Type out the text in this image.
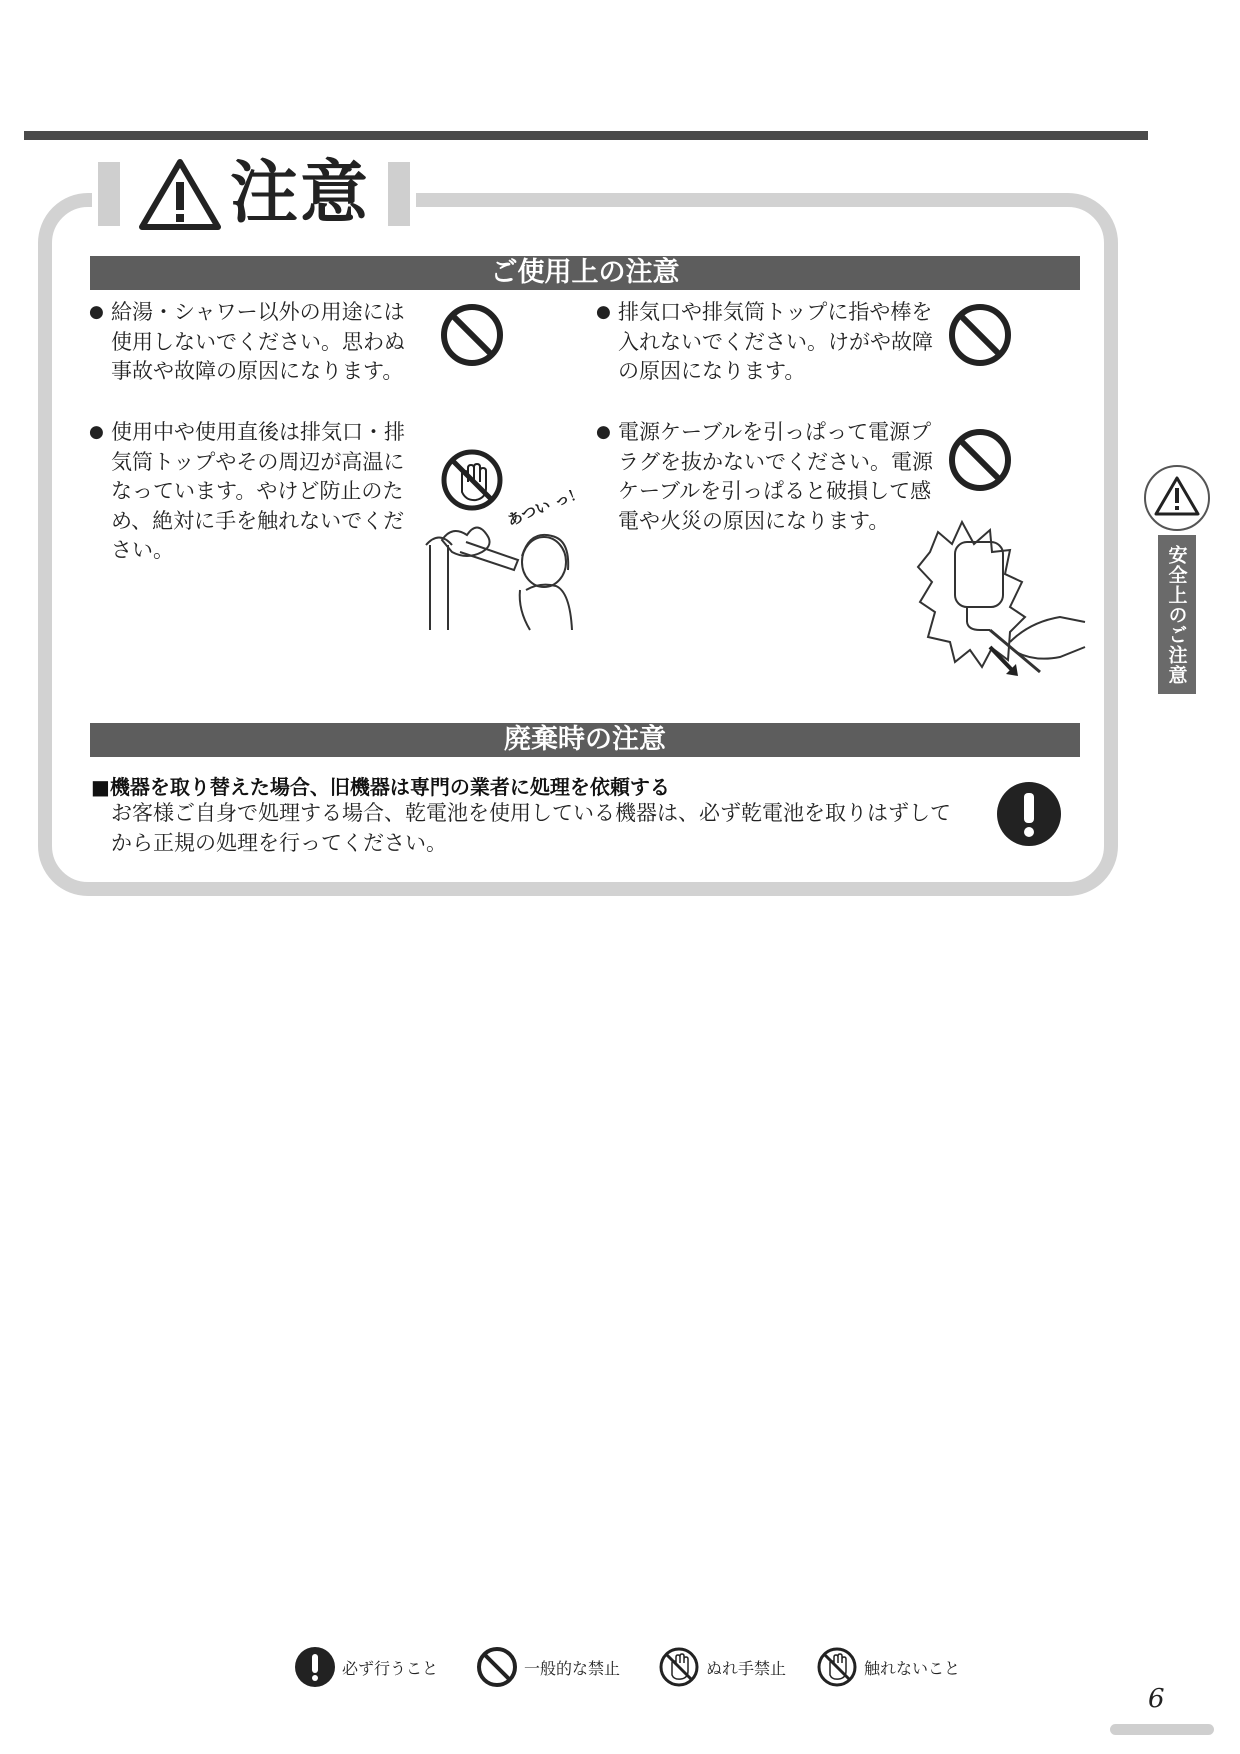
注意
ご使用上の注意
● 給湯・シャワー以外の用途には使用しないでください。思わぬ事故や故障の原因になります。
● 排気口や排気筒トップに指や棒を入れないでください。けがや故障の原因になります。
● 使用中や使用直後は排気口・排気筒トップやその周辺が高温になっています。やけど防止のため、絶対に手を触れないでください。
あつい っ！
● 電源ケーブルを引っぱって電源プラグを抜かないでください。電源ケーブルを引っぱると破損して感電や火災の原因になります。
廃棄時の注意
■機器を取り替えた場合、旧機器は専門の業者に処理を依頼する
お客様ご自身で処理する場合、乾電池を使用している機器は、必ず乾電池を取りはずしてから正規の処理を行ってください。
安全上のご注意
必ず行うこと	一般的な禁止	ぬれ手禁止	触れないこと
6
